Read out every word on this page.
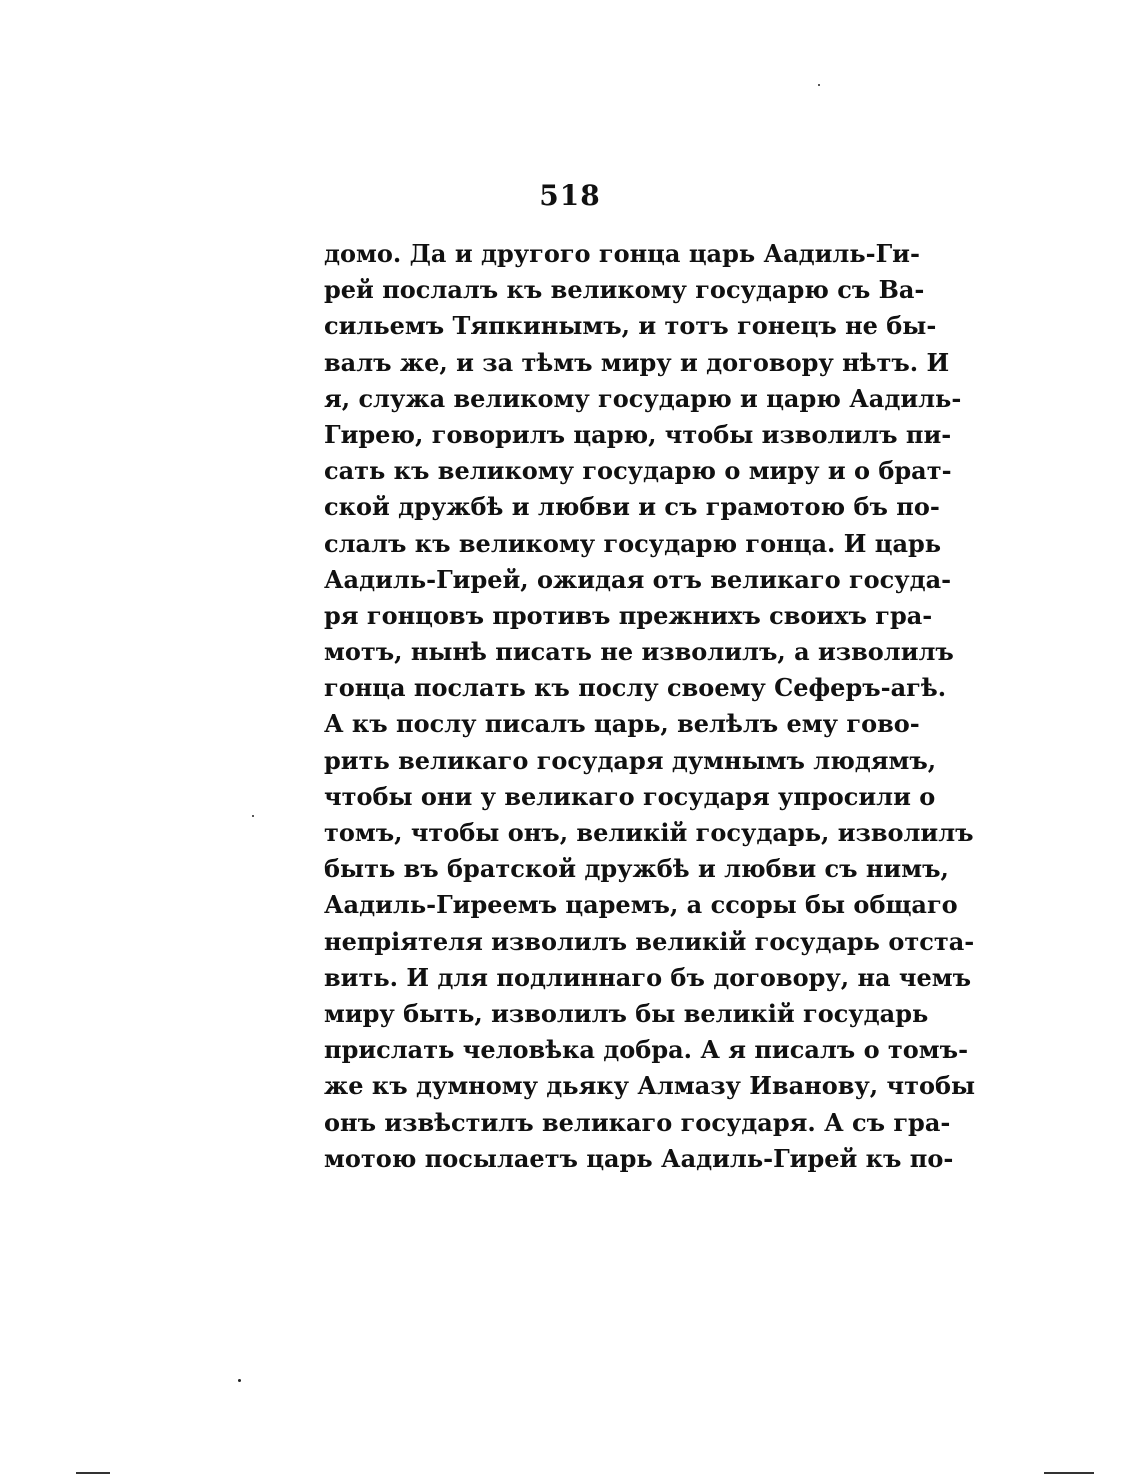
518
домо. Да и другого гонца царь Аадиль-Ги-
рей послалъ къ великому государю съ Ва-
сильемъ Тяпкинымъ, и тотъ гонецъ не бы-
валъ же, и за тѣмъ миру и договору нѣтъ. И
я, служа великому государю и царю Аадиль-
Гирею, говорилъ царю, чтобы изволилъ пи-
сать къ великому государю о миру и о брат-
ской дружбѣ и любви и съ грамотою бъ по-
слалъ къ великому государю гонца. И царь
Аадиль-Гирей, ожидая отъ великаго госуда-
ря гонцовъ противъ прежнихъ своихъ гра-
мотъ, нынѣ писать не изволилъ, а изволилъ
гонца послать къ послу своему Сеферъ-агѣ.
А къ послу писалъ царь, велѣлъ ему гово-
рить великаго государя думнымъ людямъ,
чтобы они у великаго государя упросили о
томъ, чтобы онъ, великій государь, изволилъ
быть въ братской дружбѣ и любви съ нимъ,
Аадиль-Гиреемъ царемъ, а ссоры бы общаго
непріятеля изволилъ великій государь отста-
вить. И для подлиннаго бъ договору, на чемъ
миру быть, изволилъ бы великій государь
прислать человѣка добра. А я писалъ о томъ-
же къ думному дьяку Алмазу Иванову, чтобы
онъ извѣстилъ великаго государя. А съ гра-
мотою посылаетъ царь Аадиль-Гирей къ по-
